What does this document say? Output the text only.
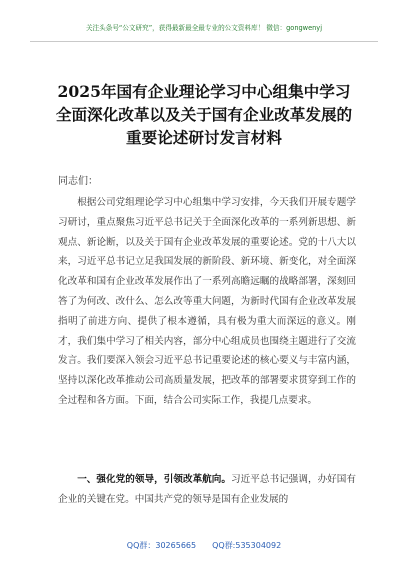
关注头条号“公文研究”，获得最新最全最专业的公文资料库！ 微信：gongwenyj
2025年国有企业理论学习中心组集中学习全面深化改革以及关于国有企业改革发展的重要论述研讨发言材料
同志们：

根据公司党组理论学习中心组集中学习安排，今天我们开展专题学习研讨，重点聚焦习近平总书记关于全面深化改革的一系列新思想、新观点、新论断，以及关于国有企业改革发展的重要论述。党的十八大以来，习近平总书记立足我国发展的新阶段、新环境、新变化，对全面深化改革和国有企业改革发展作出了一系列高瞻远瞩的战略部署，深刻回答了为何改、改什么、怎么改等重大问题，为新时代国有企业改革发展指明了前进方向、提供了根本遵循，具有极为重大而深远的意义。刚才，我们集中学习了相关内容，部分中心组成员也围绕主题进行了交流发言。我们要深入领会习近平总书记重要论述的核心要义与丰富内涵，坚持以深化改革推动公司高质量发展，把改革的部署要求贯穿到工作的全过程和各方面。下面，结合公司实际工作，我提几点要求。

一、强化党的领导，引领改革航向。习近平总书记强调，办好国有企业的关键在党。中国共产党的领导是国有企业发展的

QQ群：30265665 QQ群:535304092
